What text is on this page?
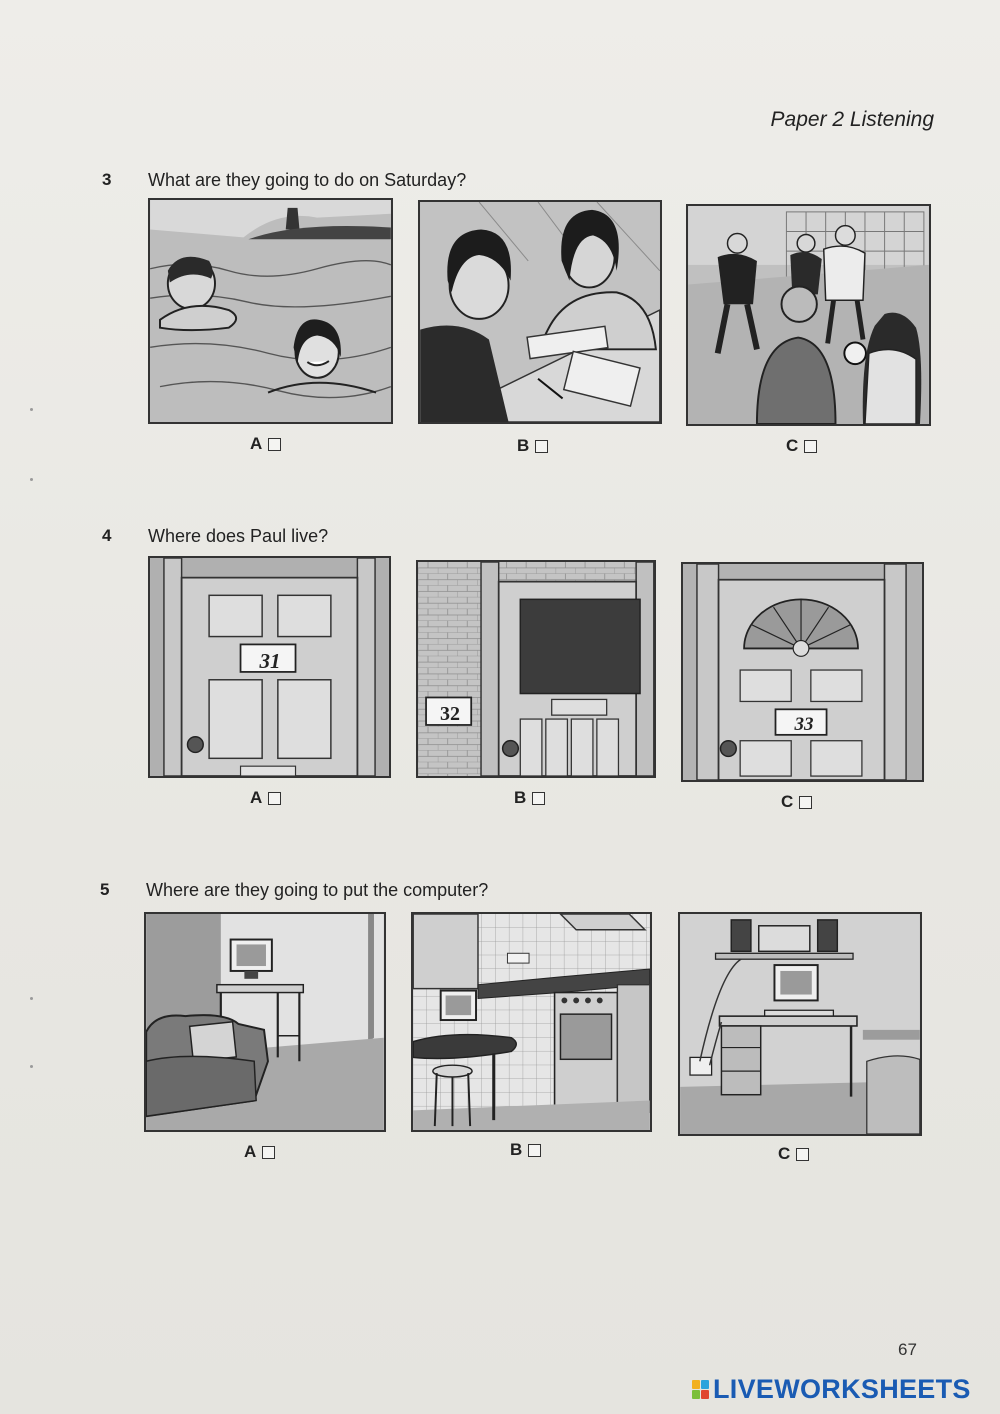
Paper 2 Listening
3 What are they going to do on Saturday?
A	B	C
4 Where does Paul live?
31
A
32
B
33
C
5 Where are they going to put the computer?
A	B	C
67
LIVEWORKSHEETS
